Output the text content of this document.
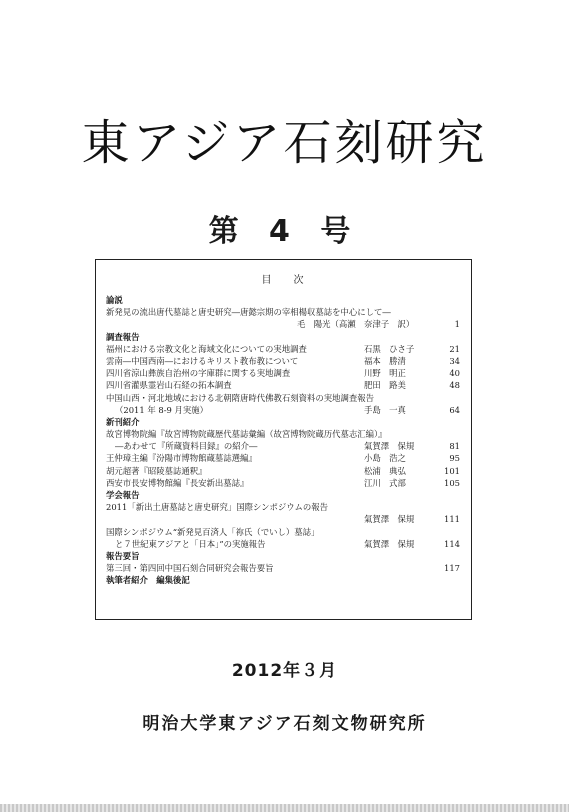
東アジア石刻研究
第 4 号
目次
論説
新発見の流出唐代墓誌と唐史研究―唐懿宗期の宰相楊収墓誌を中心にして―
毛　陽光（高瀬　奈津子　訳）	1
調査報告
福州における宗教文化と海域文化についての実地調査	石黒　ひさ子	21
雲南―中国西南―におけるキリスト教布教について	福本　勝清	34
四川省涼山彝族自治州の字庫群に関する実地調査	川野　明正	40
四川省灌県霊岩山石経の拓本調査	肥田　路美	48
中国山西・河北地域における北朝隋唐時代佛教石刻資料の実地調査報告
（2011 年 8-9 月実施）	手島　一真	64
新刊紹介
故宮博物院編『故宮博物院蔵歴代墓誌彙編（故宮博物院蔵历代墓志汇编）』
―あわせて『所蔵資料目録』の紹介―	氣賀澤　保規	81
王仲璋主編『汾陽市博物館蔵墓誌選編』	小島　浩之	95
胡元超著『昭陵墓誌通釈』	松浦　典弘	101
西安市長安博物館編『長安新出墓誌』	江川　式部	105
学会報告
2011「新出土唐墓誌と唐史研究」国際シンポジウムの報告
氣賀澤　保規	111
国際シンポジウム“新発見百済人「祢氏（でいし）墓誌」
と７世紀東アジアと「日本」”の実施報告	氣賀澤　保規	114
報告要旨
第三回・第四回中国石刻合同研究会報告要旨	117
執筆者紹介　編集後記
2012年３月
明治大学東アジア石刻文物研究所
